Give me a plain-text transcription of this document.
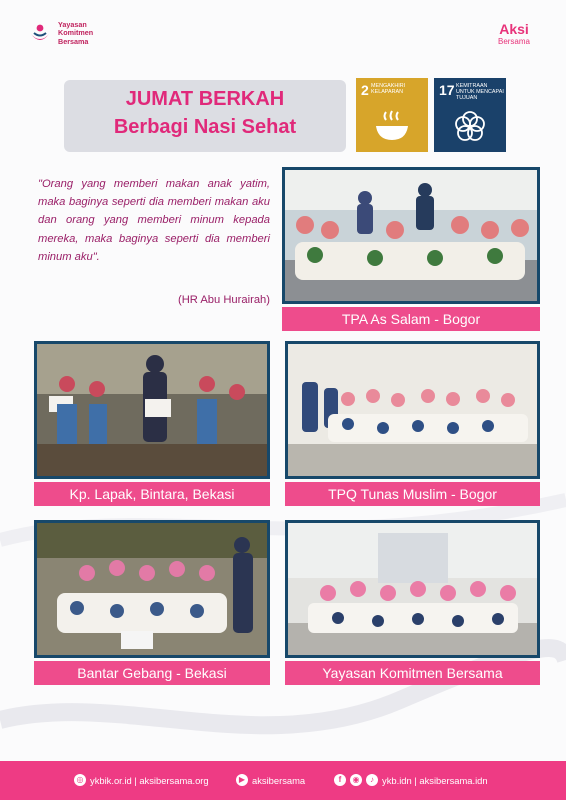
Yayasan
Komitmen
Bersama
Aksi
Bersama
JUMAT BERKAH
Berbagi Nasi Sehat
2 MENGAKHIRI KELAPARAN	17 KEMITRAAN UNTUK MENCAPAI TUJUAN
"Orang yang memberi makan anak yatim, maka baginya seperti dia memberi makan aku dan orang yang memberi minum kepada mereka, maka baginya seperti dia memberi minum aku".
(HR Abu Hurairah)
TPA As Salam - Bogor
Kp. Lapak, Bintara, Bekasi	TPQ Tunas Muslim - Bogor
Bantar Gebang - Bekasi	Yayasan Komitmen Bersama
◎ ykbik.or.id | aksibersama.org	▶ aksibersama	f	◉	♪ ykb.idn | aksibersama.idn
